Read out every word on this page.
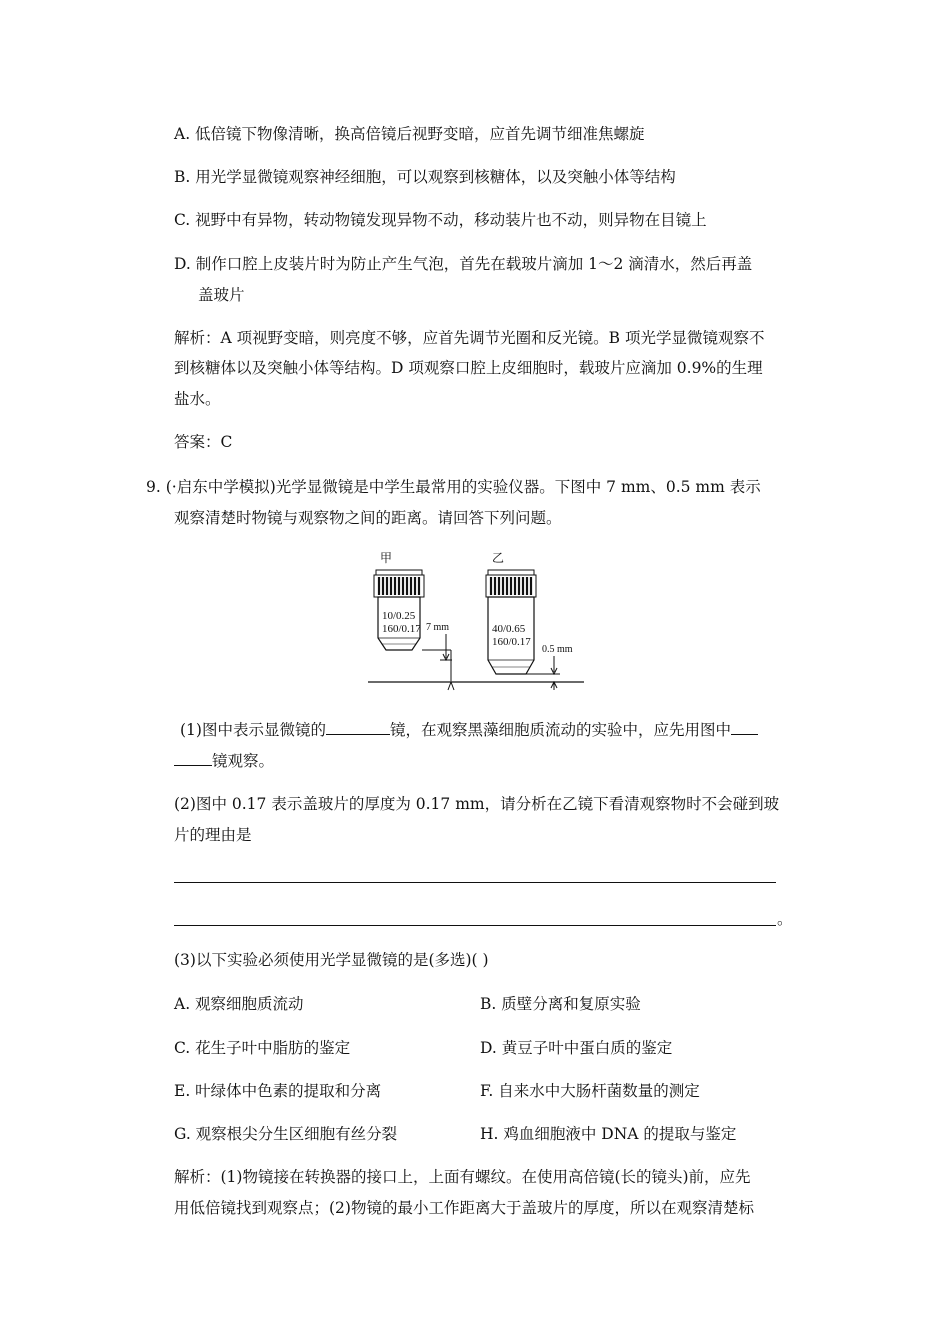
A. 低倍镜下物像清晰，换高倍镜后视野变暗，应首先调节细准焦螺旋
B. 用光学显微镜观察神经细胞，可以观察到核糖体，以及突触小体等结构
C. 视野中有异物，转动物镜发现异物不动，移动装片也不动，则异物在目镜上
D. 制作口腔上皮装片时为防止产生气泡，首先在载玻片滴加 1～2 滴清水，然后再盖
盖玻片
解析：A 项视野变暗，则亮度不够，应首先调节光圈和反光镜。B 项光学显微镜观察不
到核糖体以及突触小体等结构。D 项观察口腔上皮细胞时，载玻片应滴加 0.9%的生理
盐水。
答案：C
9. (·启东中学模拟)光学显微镜是中学生最常用的实验仪器。下图中 7 mm、0.5 mm 表示
观察清楚时物镜与观察物之间的距离。请回答下列问题。
甲	乙
10/0.25
160/0.17 7 mm	40/0.65
160/0.17
0.5 mm
(1)图中表示显微镜的	镜，在观察黑藻细胞质流动的实验中，应先用图中
镜观察。
(2)图中 0.17 表示盖玻片的厚度为 0.17 mm，请分析在乙镜下看清观察物时不会碰到玻
片的理由是
。
(3)以下实验必须使用光学显微镜的是(多选)( )
A. 观察细胞质流动	B. 质壁分离和复原实验
C. 花生子叶中脂肪的鉴定	D. 黄豆子叶中蛋白质的鉴定
E. 叶绿体中色素的提取和分离	F. 自来水中大肠杆菌数量的测定
G. 观察根尖分生区细胞有丝分裂	H. 鸡血细胞液中 DNA 的提取与鉴定
解析：(1)物镜接在转换器的接口上，上面有螺纹。在使用高倍镜(长的镜头)前，应先
用低倍镜找到观察点；(2)物镜的最小工作距离大于盖玻片的厚度，所以在观察清楚标
